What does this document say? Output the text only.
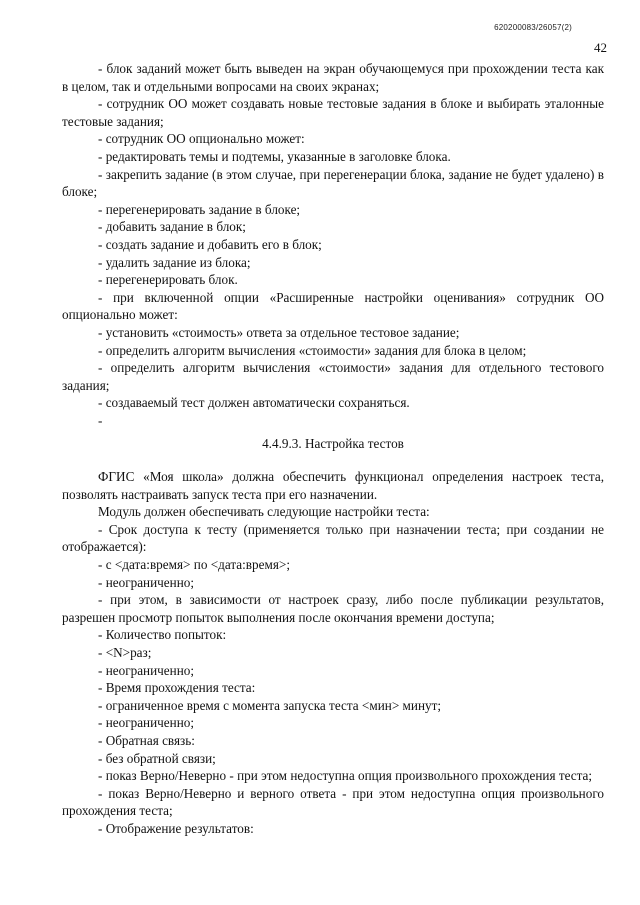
620200083/26057(2)
42

- блок заданий может быть выведен на экран обучающемуся при прохождении теста как в целом, так и отдельными вопросами на своих экранах;

- сотрудник ОО может создавать новые тестовые задания в блоке и выбирать эталонные тестовые задания;

- сотрудник ОО опционально может:

- редактировать темы и подтемы, указанные в заголовке блока.

- закрепить задание (в этом случае, при перегенерации блока, задание не будет удалено) в блоке;

- перегенерировать задание в блоке;

- добавить задание в блок;

- создать задание и добавить его в блок;

- удалить задание из блока;

- перегенерировать блок.

- при включенной опции «Расширенные настройки оценивания» сотрудник ОО опционально может:

- установить «стоимость» ответа за отдельное тестовое задание;

- определить алгоритм вычисления «стоимости» задания для блока в целом;

- определить алгоритм вычисления «стоимости» задания для отдельного тестового задания;

- создаваемый тест должен автоматически сохраняться.

-

4.4.9.3. Настройка тестов

ФГИС «Моя школа» должна обеспечить функционал определения настроек теста, позволять настраивать запуск теста при его назначении.

Модуль должен обеспечивать следующие настройки теста:

- Срок доступа к тесту (применяется только при назначении теста; при создании не отображается):

- с <дата:время> по <дата:время>;

- неограниченно;

- при этом, в зависимости от настроек сразу, либо после публикации результатов, разрешен просмотр попыток выполнения после окончания времени доступа;

- Количество попыток:

- <N>раз;

- неограниченно;

- Время прохождения теста:

- ограниченное время с момента запуска теста <мин> минут;

- неограниченно;

- Обратная связь:

- без обратной связи;

- показ Верно/Неверно - при этом недоступна опция произвольного прохождения теста;

- показ Верно/Неверно и верного ответа - при этом недоступна опция произвольного прохождения теста;

- Отображение результатов:
